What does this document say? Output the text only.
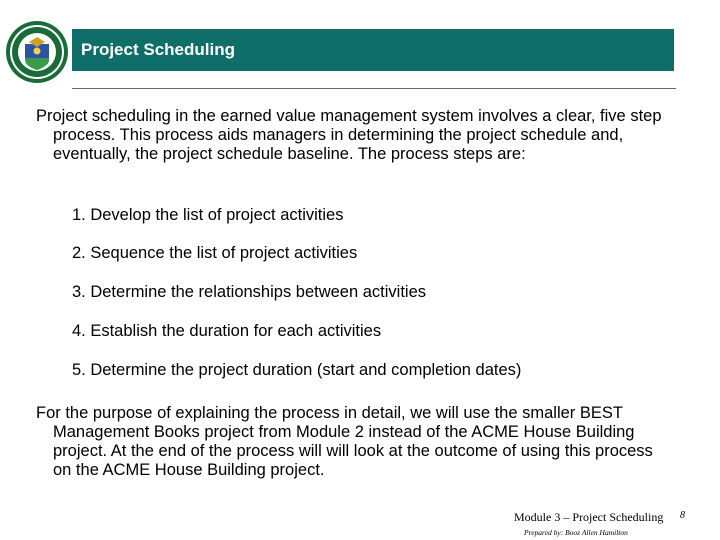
Project Scheduling

Project scheduling in the earned value management system involves a clear, five step process. This process aids managers in determining the project schedule and, eventually, the project schedule baseline. The process steps are:

1. Develop the list of project activities
2. Sequence the list of project activities
3. Determine the relationships between activities
4. Establish the duration for each activities
5. Determine the project duration (start and completion dates)

For the purpose of explaining the process in detail, we will use the smaller BEST Management Books project from Module 2 instead of the ACME House Building project. At the end of the process will will look at the outcome of using this process on the ACME House Building project.

Module 3 – Project Scheduling 8
Prepared by: Booz Allen Hamilton
